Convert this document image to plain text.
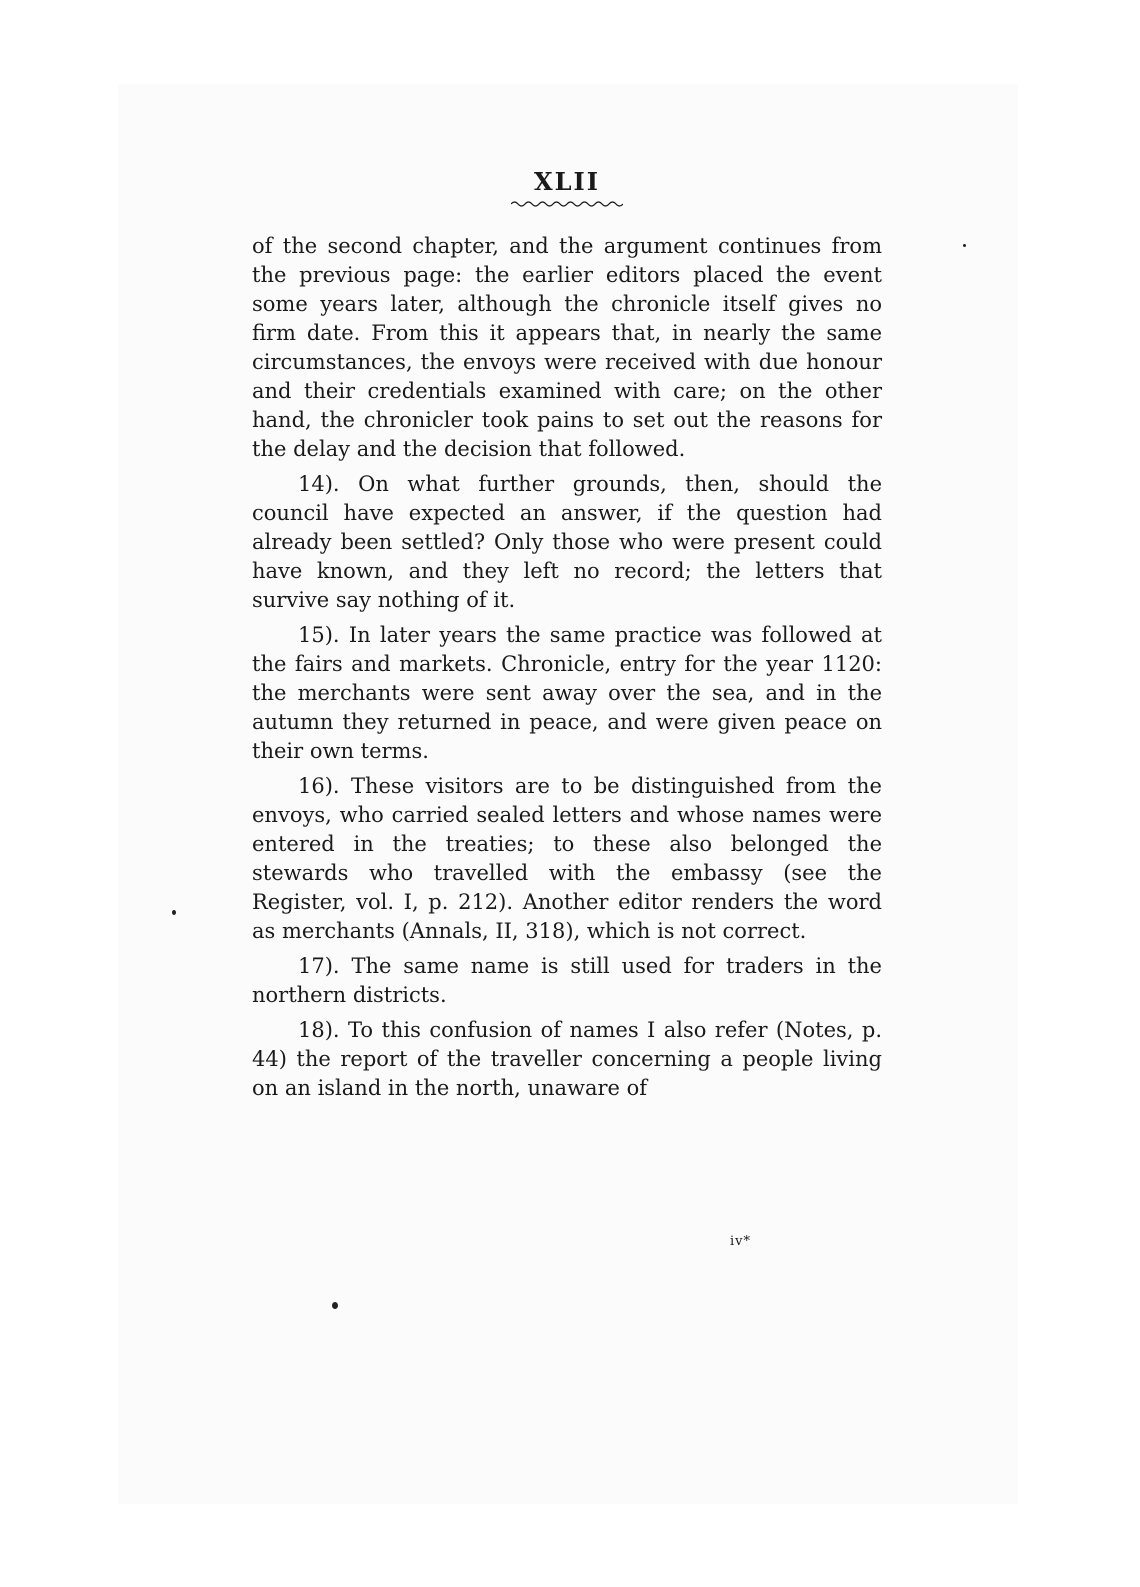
XLII

of the second chapter, and the argument continues from the previous page: the earlier editors placed the event some years later, although the chronicle itself gives no firm date. From this it appears that, in nearly the same circumstances, the envoys were received with due honour and their credentials examined with care; on the other hand, the chronicler took pains to set out the reasons for the delay and the decision that followed.

14). On what further grounds, then, should the council have expected an answer, if the question had already been settled? Only those who were present could have known, and they left no record; the letters that survive say nothing of it.

15). In later years the same practice was followed at the fairs and markets. Chronicle, entry for the year 1120: the merchants were sent away over the sea, and in the autumn they returned in peace, and were given peace on their own terms.

16). These visitors are to be distinguished from the envoys, who carried sealed letters and whose names were entered in the treaties; to these also belonged the stewards who travelled with the embassy (see the Register, vol. I, p. 212). Another editor renders the word as merchants (Annals, II, 318), which is not correct.

17). The same name is still used for traders in the northern districts.

18). To this confusion of names I also refer (Notes, p. 44) the report of the traveller concerning a people living on an island in the north, unaware of

iv*
